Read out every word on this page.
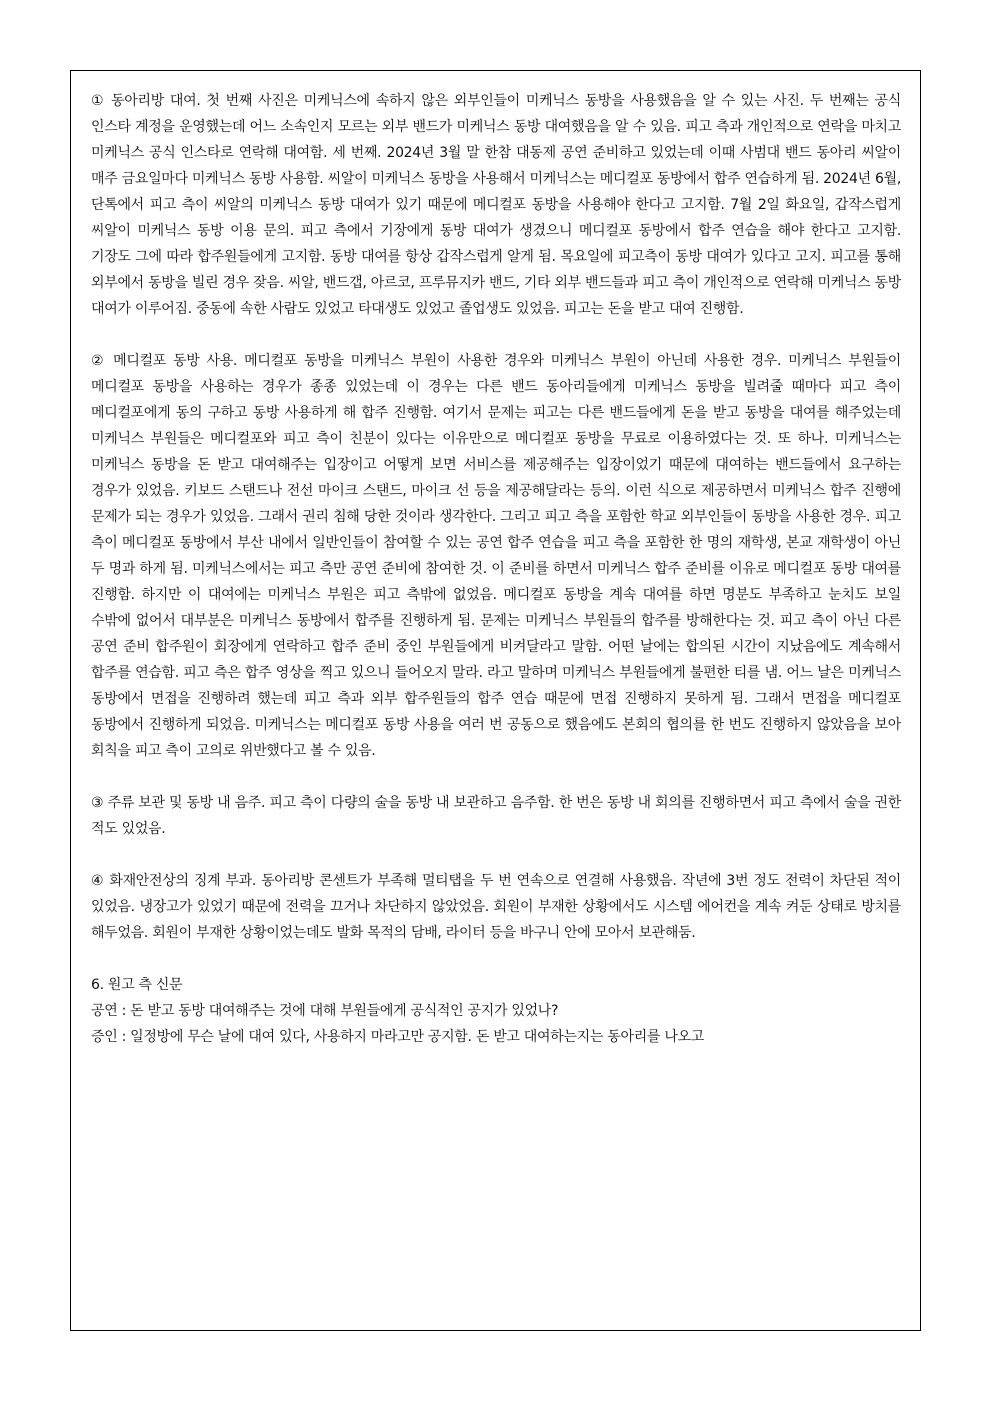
① 동아리방 대여. 첫 번째 사진은 미케닉스에 속하지 않은 외부인들이 미케닉스 동방을 사용했음을 알 수 있는 사진. 두 번째는 공식 인스타 계정을 운영했는데 어느 소속인지 모르는 외부 밴드가 미케닉스 동방 대여했음을 알 수 있음. 피고 측과 개인적으로 연락을 마치고 미케닉스 공식 인스타로 연락해 대여함. 세 번째. 2024년 3월 말 한참 대동제 공연 준비하고 있었는데 이때 사범대 밴드 동아리 씨알이 매주 금요일마다 미케닉스 동방 사용함. 씨알이 미케닉스 동방을 사용해서 미케닉스는 메디컬포 동방에서 합주 연습하게 됨. 2024년 6월, 단톡에서 피고 측이 씨알의 미케닉스 동방 대여가 있기 때문에 메디컬포 동방을 사용해야 한다고 고지함. 7월 2일 화요일, 갑작스럽게 씨알이 미케닉스 동방 이용 문의. 피고 측에서 기장에게 동방 대여가 생겼으니 메디컬포 동방에서 합주 연습을 해야 한다고 고지함. 기장도 그에 따라 합주원들에게 고지함. 동방 대여를 항상 갑작스럽게 알게 됨. 목요일에 피고측이 동방 대여가 있다고 고지. 피고를 통해 외부에서 동방을 빌린 경우 잦음. 씨알, 밴드갭, 아르코, 프루뮤지카 밴드, 기타 외부 밴드들과 피고 측이 개인적으로 연락해 미케닉스 동방 대여가 이루어짐. 중동에 속한 사람도 있었고 타대생도 있었고 졸업생도 있었음. 피고는 돈을 받고 대여 진행함.

② 메디컬포 동방 사용. 메디컬포 동방을 미케닉스 부원이 사용한 경우와 미케닉스 부원이 아닌데 사용한 경우. 미케닉스 부원들이 메디컬포 동방을 사용하는 경우가 종종 있었는데 이 경우는 다른 밴드 동아리들에게 미케닉스 동방을 빌려줄 때마다 피고 측이 메디컬포에게 동의 구하고 동방 사용하게 해 합주 진행함. 여기서 문제는 피고는 다른 밴드들에게 돈을 받고 동방을 대여를 해주었는데 미케닉스 부원들은 메디컬포와 피고 측이 친분이 있다는 이유만으로 메디컬포 동방을 무료로 이용하였다는 것. 또 하나. 미케닉스는 미케닉스 동방을 돈 받고 대여해주는 입장이고 어떻게 보면 서비스를 제공해주는 입장이었기 때문에 대여하는 밴드들에서 요구하는 경우가 있었음. 키보드 스탠드나 전선 마이크 스탠드, 마이크 선 등을 제공해달라는 등의. 이런 식으로 제공하면서 미케닉스 합주 진행에 문제가 되는 경우가 있었음. 그래서 권리 침해 당한 것이라 생각한다. 그리고 피고 측을 포함한 학교 외부인들이 동방을 사용한 경우. 피고 측이 메디컬포 동방에서 부산 내에서 일반인들이 참여할 수 있는 공연 합주 연습을 피고 측을 포함한 한 명의 재학생, 본교 재학생이 아닌 두 명과 하게 됨. 미케닉스에서는 피고 측만 공연 준비에 참여한 것. 이 준비를 하면서 미케닉스 합주 준비를 이유로 메디컬포 동방 대여를 진행함. 하지만 이 대여에는 미케닉스 부원은 피고 측밖에 없었음. 메디컬포 동방을 계속 대여를 하면 명분도 부족하고 눈치도 보일 수밖에 없어서 대부분은 미케닉스 동방에서 합주를 진행하게 됨. 문제는 미케닉스 부원들의 합주를 방해한다는 것. 피고 측이 아닌 다른 공연 준비 합주원이 회장에게 연락하고 합주 준비 중인 부원들에게 비켜달라고 말함. 어떤 날에는 합의된 시간이 지났음에도 계속해서 합주를 연습함. 피고 측은 합주 영상을 찍고 있으니 들어오지 말라. 라고 말하며 미케닉스 부원들에게 불편한 티를 냄. 어느 날은 미케닉스 동방에서 면접을 진행하려 했는데 피고 측과 외부 합주원들의 합주 연습 때문에 면접 진행하지 못하게 됨. 그래서 면접을 메디컬포 동방에서 진행하게 되었음. 미케닉스는 메디컬포 동방 사용을 여러 번 공동으로 했음에도 본회의 협의를 한 번도 진행하지 않았음을 보아 회칙을 피고 측이 고의로 위반했다고 볼 수 있음.

③ 주류 보관 및 동방 내 음주. 피고 측이 다량의 술을 동방 내 보관하고 음주함. 한 번은 동방 내 회의를 진행하면서 피고 측에서 술을 권한 적도 있었음.

④ 화재안전상의 징계 부과. 동아리방 콘센트가 부족해 멀티탭을 두 번 연속으로 연결해 사용했음. 작년에 3번 정도 전력이 차단된 적이 있었음. 냉장고가 있었기 때문에 전력을 끄거나 차단하지 않았었음. 회원이 부재한 상황에서도 시스템 에어컨을 계속 켜둔 상태로 방치를 해두었음. 회원이 부재한 상황이었는데도 발화 목적의 담배, 라이터 등을 바구니 안에 모아서 보관해둠.

6. 원고 측 신문

공연 : 돈 받고 동방 대여해주는 것에 대해 부원들에게 공식적인 공지가 있었나?

증인 : 일정방에 무슨 날에 대여 있다, 사용하지 마라고만 공지함. 돈 받고 대여하는지는 동아리를 나오고
